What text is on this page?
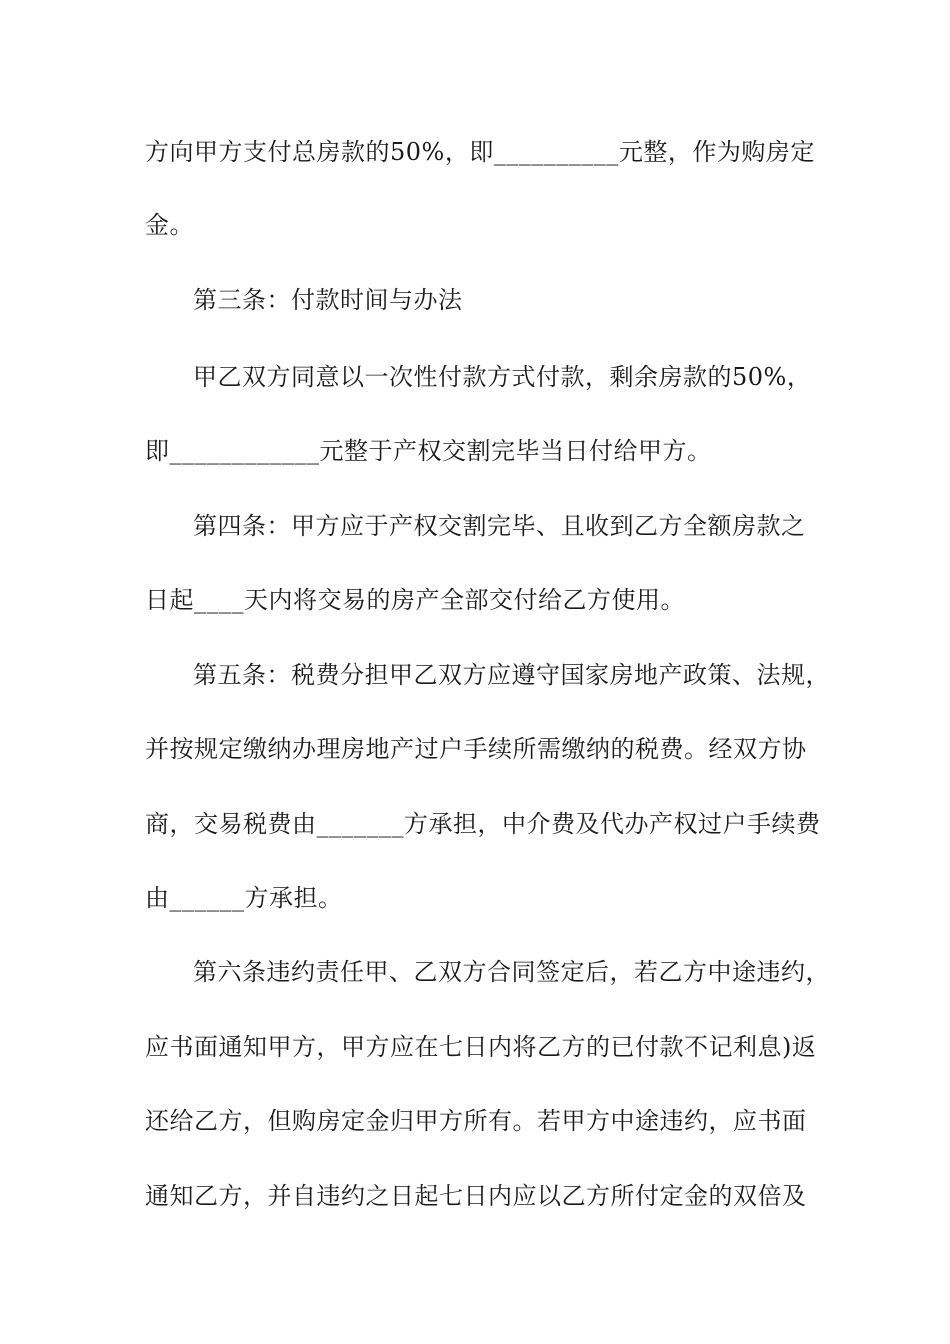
方向甲方支付总房款的50%，即__________元整，作为购房定
金。
第三条：付款时间与办法
甲乙双方同意以一次性付款方式付款，剩余房款的50%，
即____________元整于产权交割完毕当日付给甲方。
第四条：甲方应于产权交割完毕、且收到乙方全额房款之
日起____天内将交易的房产全部交付给乙方使用。
第五条：税费分担甲乙双方应遵守国家房地产政策、法规，
并按规定缴纳办理房地产过户手续所需缴纳的税费。经双方协
商，交易税费由_______方承担，中介费及代办产权过户手续费
由______方承担。
第六条违约责任甲、乙双方合同签定后，若乙方中途违约，
应书面通知甲方，甲方应在七日内将乙方的已付款不记利息)返
还给乙方，但购房定金归甲方所有。若甲方中途违约，应书面
通知乙方，并自违约之日起七日内应以乙方所付定金的双倍及
